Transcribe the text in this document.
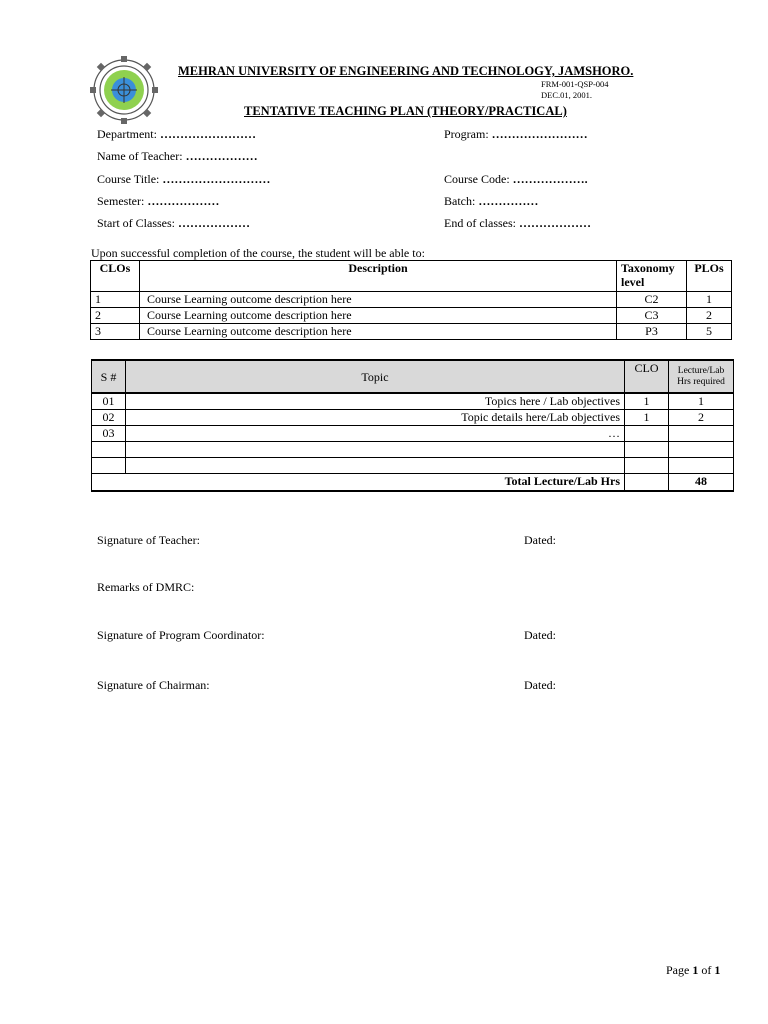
MEHRAN UNIVERSITY OF ENGINEERING AND TECHNOLOGY, JAMSHORO.
FRM-001-QSP-004
DEC.01, 2001.
TENTATIVE TEACHING PLAN (THEORY/PRACTICAL)
Department: ……………………	Program: ……………………
Name of Teacher: ………………
Course Title: ………………………	Course Code: ……………….
Semester: ………………	Batch: ……………
Start of Classes: ………………	End of classes: ………………
Upon successful completion of the course, the student will be able to:
CLOs	Description	Taxonomy level	PLOs
1	Course Learning outcome description here	C2	1
2	Course Learning outcome description here	C3	2
3	Course Learning outcome description here	P3	5
S #	Topic	CLO	Lecture/Lab Hrs required
01	Topics here / Lab objectives	1	1
02	Topic details here/Lab objectives	1	2
03	…		

Total Lecture/Lab Hrs			48
Signature of Teacher:	Dated:
Remarks of DMRC:
Signature of Program Coordinator:	Dated:
Signature of Chairman:	Dated:
Page 1 of 1
